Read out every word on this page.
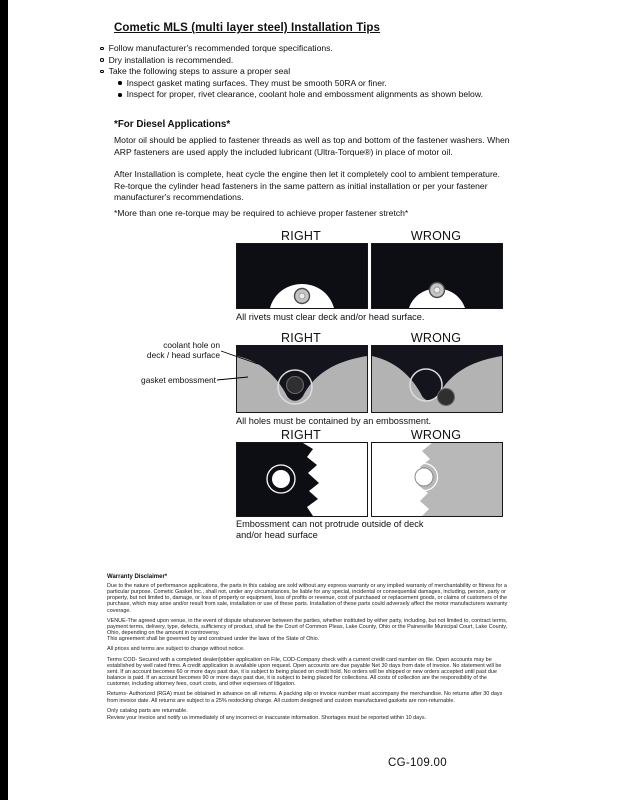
Cometic MLS (multi layer steel) Installation Tips
Follow manufacturer's recommended torque specifications.
Dry installation is recommended.
Take the following steps to assure a proper seal
Inspect gasket mating surfaces. They must be smooth 50RA or finer.
Inspect for proper, rivet clearance, coolant hole and embossment alignments as shown below.
*For Diesel Applications*

Motor oil should be applied to fastener threads as well as top and bottom of the fastener washers. When ARP fasteners are used apply the included lubricant (Ultra-Torque®) in place of motor oil.

After Installation is complete, heat cycle the engine then let it completely cool to ambient temperature. Re-torque the cylinder head fasteners in the same pattern as initial installation or per your fastener manufacturer's recommendations.

*More than one re-torque may be required to achieve proper fastener stretch*

RIGHT	WRONG
All rivets must clear deck and/or head surface.
RIGHT	WRONG
coolant hole on
deck / head surface
gasket embossment
All holes must be contained by an embossment.
RIGHT	WRONG
Embossment can not protrude outside of deck and/or head surface
Warranty Disclaimer*

Due to the nature of performance applications, the parts in this catalog are sold without any express warranty or any implied warranty of merchantability or fitness for a particular purpose. Cometic Gasket Inc., shall not, under any circumstances, be liable for any special, incidental or consequential damages, including, person, party or property, but not limited to, damage, or loss of property or equipment, loss of profits or revenue, cost of purchased or replacement goods, or claims of customers of the purchase, which may arise and/or result from sale, installation or use of these parts. Installation of these parts could adversely affect the motor manufacturers warranty coverage.

VENUE-The agreed upon venue, in the event of dispute whatsoever between the parties, whether instituted by either party, including, but not limited to, contract terms, payment terms, delivery, type, defects, sufficiency of product, shall be the Court of Common Pleas, Lake County, Ohio or the Painesville Municipal Court, Lake County, Ohio, depending on the amount in controversy.

This agreement shall be governed by and construed under the laws of the State of Ohio.

All prices and terms are subject to change without notice.

Terms COD- Secured with a completed dealer/jobber application on File, COD-Company check with a current credit card number on file. Open accounts may be established by well rated firms. A credit application is available upon request. Open accounts are due payable Net 30 days from date of invoice. No statement will be sent. If an account becomes 60 or more days past due, it is subject to being placed on credit hold. No orders will be shipped or new orders accepted until past due balance is paid. If an account becomes 90 or more days past due, it is subject to being placed for collections. All costs of collection are the responsibility of the customer, including attorney fees, court costs, and other expenses of litigation.

Returns- Authorized (RGA) must be obtained in advance on all returns. A packing slip or invoice number must accompany the merchandise. No returns after 30 days from invoice date. All returns are subject to a 25% restocking charge. All custom designed and custom manufactured gaskets are non-returnable.

Only catalog parts are returnable.

Review your invoice and notify us immediately of any incorrect or inaccurate information. Shortages must be reported within 10 days.

CG-109.00
